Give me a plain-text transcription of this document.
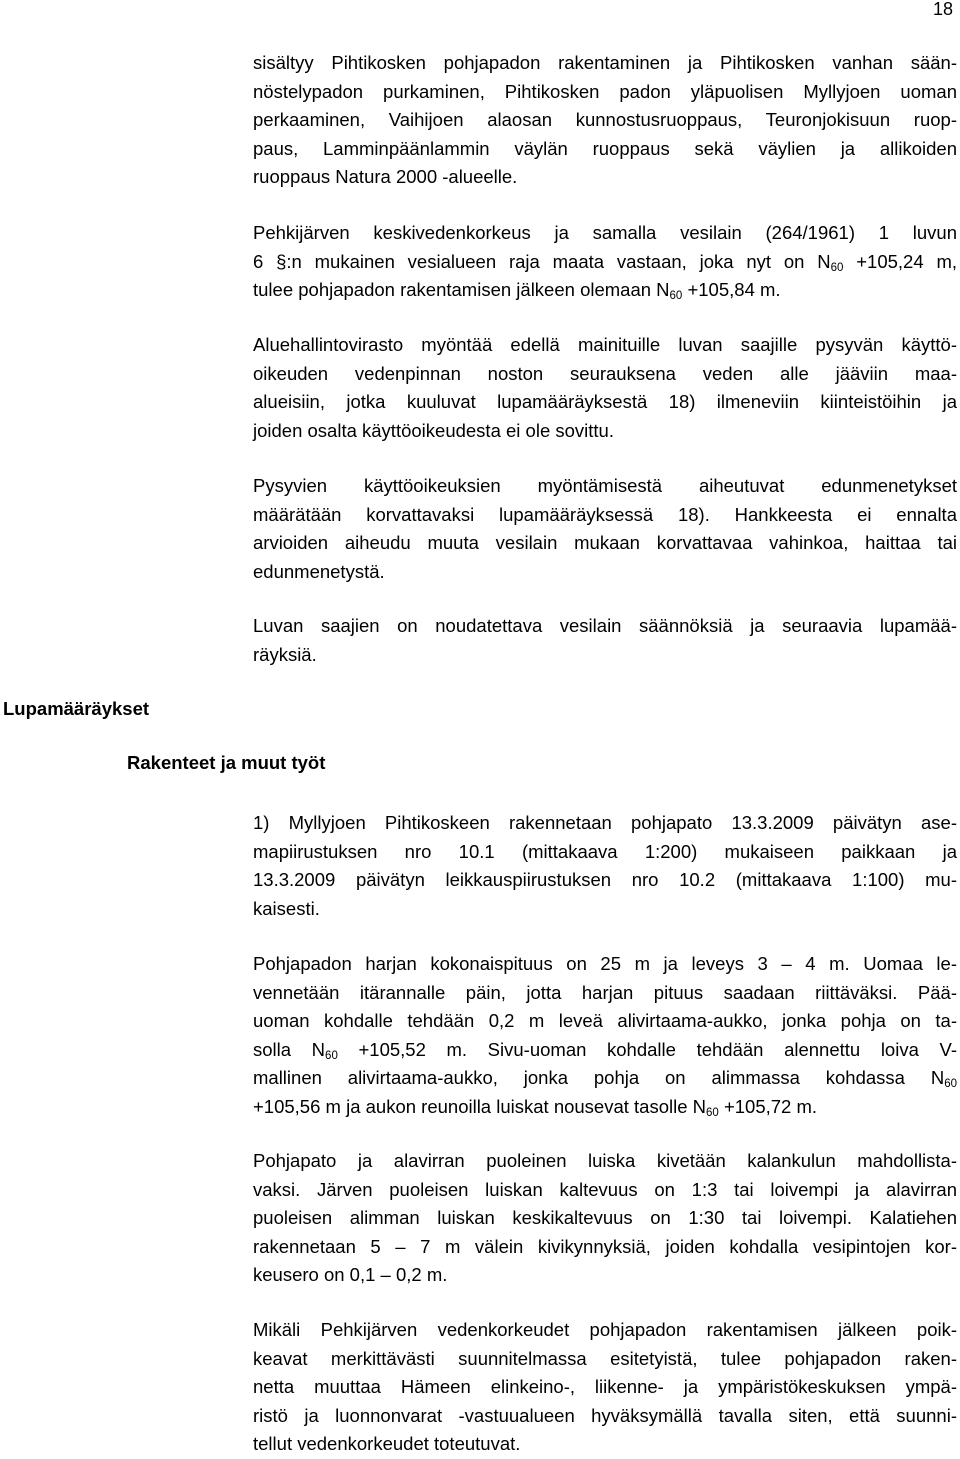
18
Lupamääräykset
Rakenteet ja muut työt
sisältyy Pihtikosken pohjapadon rakentaminen ja Pihtikosken vanhan sään-
nöstelypadon purkaminen, Pihtikosken padon yläpuolisen Myllyjoen uoman
perkaaminen, Vaihijoen alaosan kunnostusruoppaus, Teuronjokisuun ruop-
paus, Lamminpäänlammin väylän ruoppaus sekä väylien ja allikoiden
ruoppaus Natura 2000 -alueelle.
Pehkijärven keskivedenkorkeus ja samalla vesilain (264/1961) 1 luvun
6 §:n mukainen vesialueen raja maata vastaan, joka nyt on $N_{60} +105,24$ m,
tulee pohjapadon rakentamisen jälkeen olemaan $N_{60} +105,84$ m.
Aluehallintovirasto myöntää edellä mainituille luvan saajille pysyvän käyttö-
oikeuden vedenpinnan noston seurauksena veden alle jääviin maa-
alueisiin, jotka kuuluvat lupamääräyksestä 18) ilmeneviin kiinteistöihin ja
joiden osalta käyttöoikeudesta ei ole sovittu.
Pysyvien käyttöoikeuksien myöntämisestä aiheutuvat edunmenetykset
määrätään korvattavaksi lupamääräyksessä 18). Hankkeesta ei ennalta
arvioiden aiheudu muuta vesilain mukaan korvattavaa vahinkoa, haittaa tai
edunmenetystä.
Luvan saajien on noudatettava vesilain säännöksiä ja seuraavia lupamää-
räyksiä.
1) Myllyjoen Pihtikoskeen rakennetaan pohjapato 13.3.2009 päivätyn ase-
mapiirustuksen nro 10.1 (mittakaava 1:200) mukaiseen paikkaan ja
13.3.2009 päivätyn leikkauspiirustuksen nro 10.2 (mittakaava 1:100) mu-
kaisesti.
Pohjapadon harjan kokonaispituus on 25 m ja leveys 3 – 4 m. Uomaa le-
vennetään itärannalle päin, jotta harjan pituus saadaan riittäväksi. Pää-
uoman kohdalle tehdään 0,2 m leveä alivirtaama-aukko, jonka pohja on ta-
solla $N_{60} +105,52$ m. Sivu-uoman kohdalle tehdään alennettu loiva V-
mallinen alivirtaama-aukko, jonka pohja on alimmassa kohdassa $N_{60}$
+105,56 m ja aukon reunoilla luiskat nousevat tasolle $N_{60} +105,72$ m.
Pohjapato ja alavirran puoleinen luiska kivetään kalankulun mahdollista-
vaksi. Järven puoleisen luiskan kaltevuus on 1:3 tai loivempi ja alavirran
puoleisen alimman luiskan keskikaltevuus on 1:30 tai loivempi. Kalatiehen
rakennetaan 5 – 7 m välein kivikynnyksiä, joiden kohdalla vesipintojen kor-
keusero on 0,1 – 0,2 m.
Mikäli Pehkijärven vedenkorkeudet pohjapadon rakentamisen jälkeen poik-
keavat merkittävästi suunnitelmassa esitetyistä, tulee pohjapadon raken-
netta muuttaa Hämeen elinkeino-, liikenne- ja ympäristökeskuksen ympä-
ristö ja luonnonvarat -vastuualueen hyväksymällä tavalla siten, että suunni-
tellut vedenkorkeudet toteutuvat.
